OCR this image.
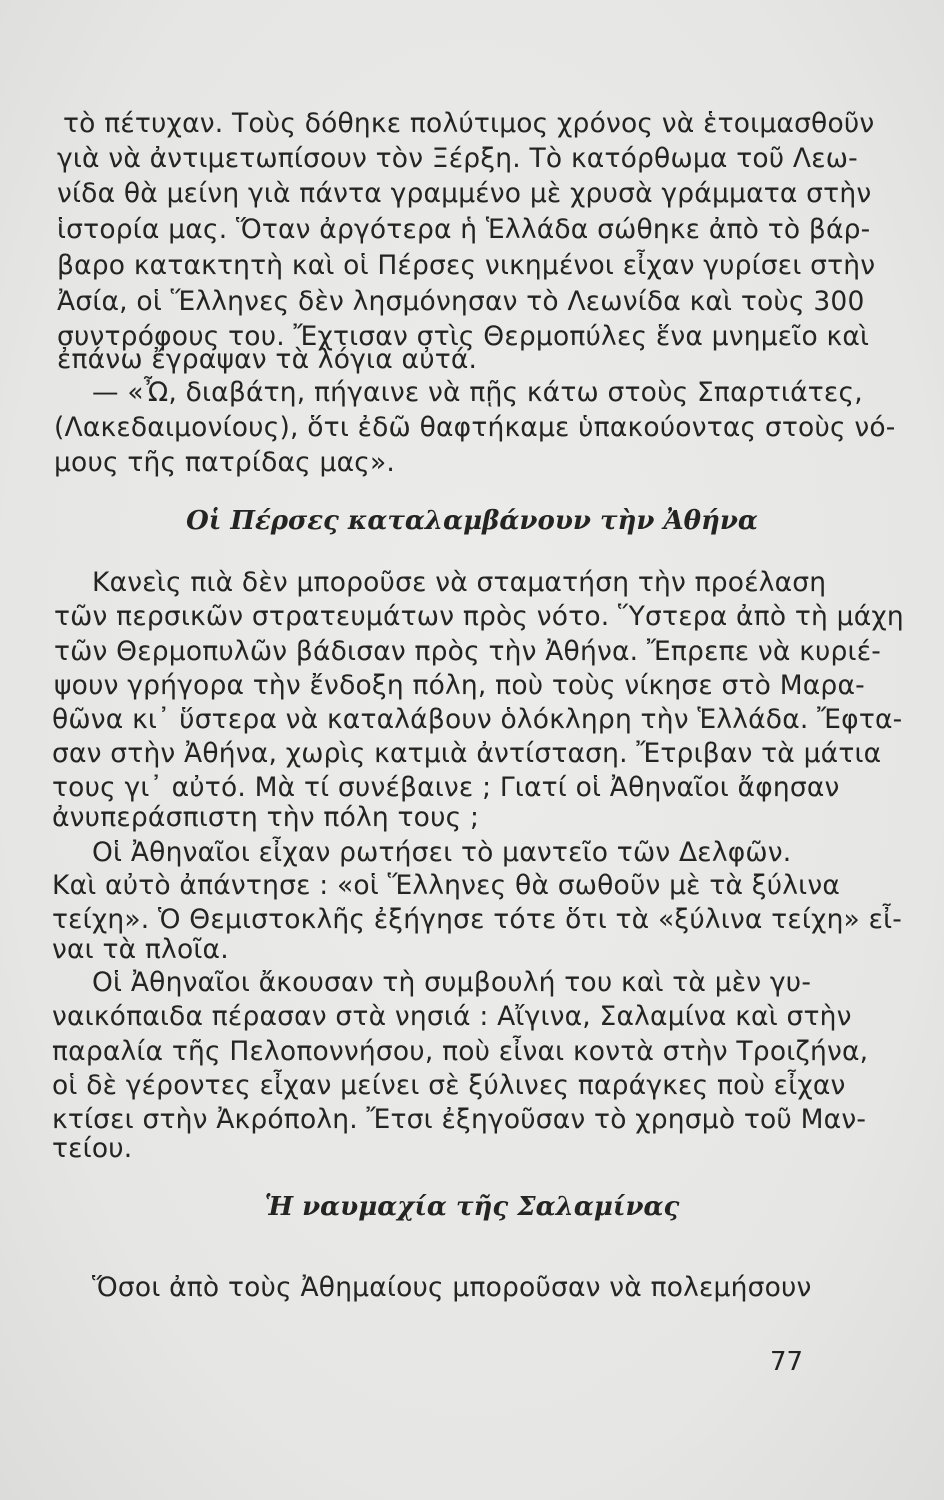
τὸ πέτυχαν. Τοὺς δόθηκε πολύτιμος χρόνος νὰ ἑτοιμασθοῦν
γιὰ νὰ ἀντιμετωπίσουν τὸν Ξέρξη. Τὸ κατόρθωμα τοῦ Λεω-
νίδα θὰ μείνη γιὰ πάντα γραμμένο μὲ χρυσὰ γράμματα στὴν
ἱστορία μας. Ὅταν ἀργότερα ἡ Ἑλλάδα σώθηκε ἀπὸ τὸ βάρ-
βαρο κατακτητὴ καὶ οἱ Πέρσες νικημένοι εἶχαν γυρίσει στὴν
Ἀσία, οἱ Ἕλληνες δὲν λησμόνησαν τὸ Λεωνίδα καὶ τοὺς 300
συντρόφους του. Ἔχτισαν στὶς Θερμοπύλες ἕνα μνημεῖο καὶ
ἐπάνω ἔγραψαν τὰ λόγια αὐτά.
— «Ὦ, διαβάτη, πήγαινε νὰ πῇς κάτω στοὺς Σπαρτιάτες,
(Λακεδαιμονίους), ὅτι ἐδῶ θαφτήκαμε ὑπακούοντας στοὺς νό-
μους τῆς πατρίδας μας».
Οἱ Πέρσες καταλαμβάνουν τὴν Ἀθήνα
Κανεὶς πιὰ δὲν μποροῦσε νὰ σταματήση τὴν προέλαση
τῶν περσικῶν στρατευμάτων πρὸς νότο. Ὕστερα ἀπὸ τὴ μάχη
τῶν Θερμοπυλῶν βάδισαν πρὸς τὴν Ἀθήνα. Ἔπρεπε νὰ κυριέ-
ψουν γρήγορα τὴν ἔνδοξη πόλη, ποὺ τοὺς νίκησε στὸ Μαρα-
θῶνα κι᾽ ὕστερα νὰ καταλάβουν ὁλόκληρη τὴν Ἑλλάδα. Ἔφτα-
σαν στὴν Ἀθήνα, χωρὶς κατμιὰ ἀντίσταση. Ἔτριβαν τὰ μάτια
τους γι᾽ αὐτό. Μὰ τί συνέβαινε ; Γιατί οἱ Ἀθηναῖοι ἄφησαν
ἀνυπεράσπιστη τὴν πόλη τους ;
Οἱ Ἀθηναῖοι εἶχαν ρωτήσει τὸ μαντεῖο τῶν Δελφῶν.
Καὶ αὐτὸ ἀπάντησε : «οἱ Ἕλληνες θὰ σωθοῦν μὲ τὰ ξύλινα
τείχη». Ὁ Θεμιστοκλῆς ἐξήγησε τότε ὅτι τὰ «ξύλινα τείχη» εἶ-
ναι τὰ πλοῖα.
Οἱ Ἀθηναῖοι ἄκουσαν τὴ συμβουλή του καὶ τὰ μὲν γυ-
ναικόπαιδα πέρασαν στὰ νησιά : Αἴγινα, Σαλαμίνα καὶ στὴν
παραλία τῆς Πελοποννήσου, ποὺ εἶναι κοντὰ στὴν Τροιζήνα,
οἱ δὲ γέροντες εἶχαν μείνει σὲ ξύλινες παράγκες ποὺ εἶχαν
κτίσει στὴν Ἀκρόπολη. Ἔτσι ἐξηγοῦσαν τὸ χρησμὸ τοῦ Μαν-
τείου.
Ἡ ναυμαχία τῆς Σαλαμίνας
Ὅσοι ἀπὸ τοὺς Ἀθημαίους μποροῦσαν νὰ πολεμήσουν
77
